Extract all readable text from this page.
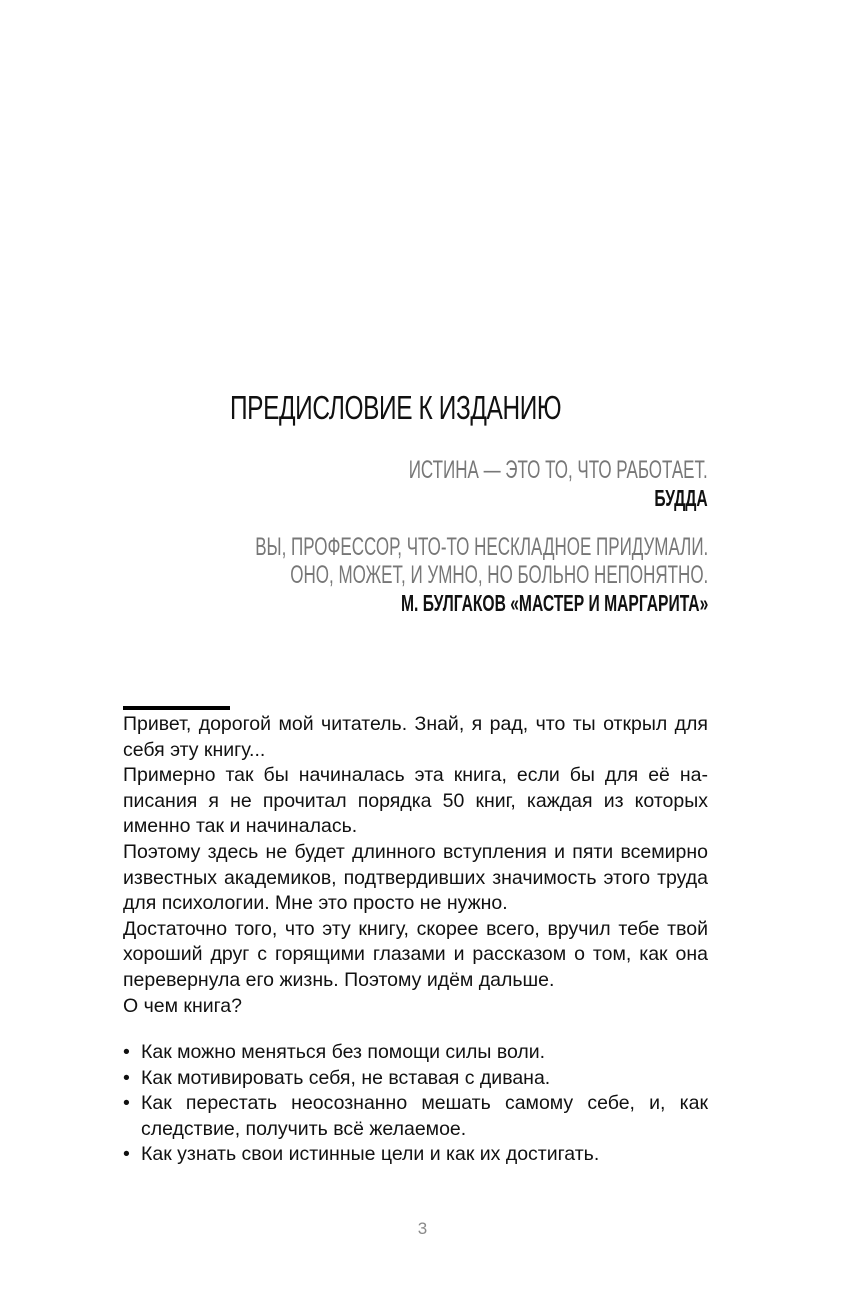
ПРЕДИСЛОВИЕ К ИЗДАНИЮ
ИСТИНА — ЭТО ТО, ЧТО РАБОТАЕТ.
БУДДА
ВЫ, ПРОФЕССОР, ЧТО-ТО НЕСКЛАДНОЕ ПРИДУМАЛИ.
ОНО, МОЖЕТ, И УМНО, НО БОЛЬНО НЕПОНЯТНО.
М. БУЛГАКОВ «МАСТЕР И МАРГАРИТА»

Привет, дорогой мой читатель. Знай, я рад, что ты открыл для себя эту книгу...

Примерно так бы начиналась эта книга, если бы для её написания я не прочитал порядка 50 книг, каждая из которых именно так и начиналась.

Поэтому здесь не будет длинного вступления и пяти всемирно известных академиков, подтвердивших значимость этого труда для психологии. Мне это просто не нужно.

Достаточно того, что эту книгу, скорее всего, вручил тебе твой хороший друг с горящими глазами и рассказом о том, как она перевернула его жизнь. Поэтому идём дальше.

О чем книга?

• Как можно меняться без помощи силы воли.
• Как мотивировать себя, не вставая с дивана.
• Как перестать неосознанно мешать самому себе, и, как следствие, получить всё желаемое.
• Как узнать свои истинные цели и как их достигать.
3
